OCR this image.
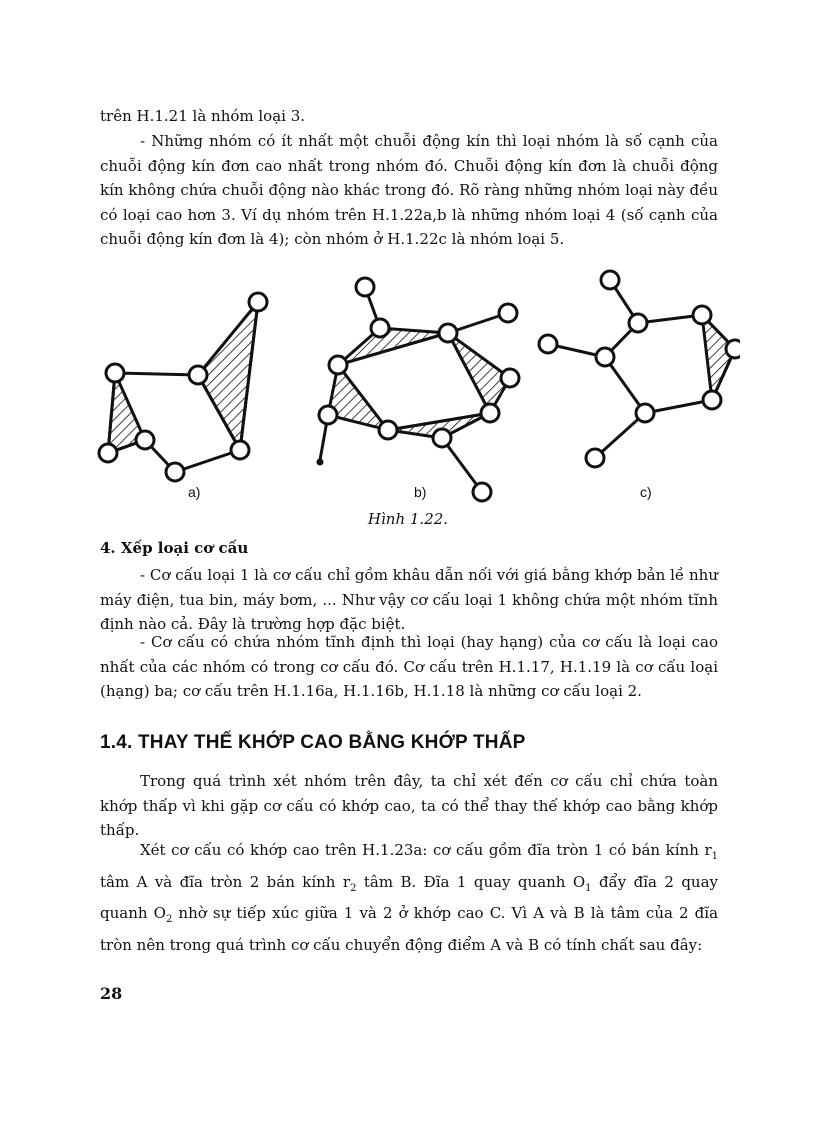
trên H.1.21 là nhóm loại 3.

- Những nhóm có ít nhất một chuỗi động kín thì loại nhóm là số cạnh của chuỗi động kín đơn cao nhất trong nhóm đó. Chuỗi động kín đơn là chuỗi động kín không chứa chuỗi động nào khác trong đó. Rõ ràng những nhóm loại này đều có loại cao hơn 3. Ví dụ nhóm trên H.1.22a,b là những nhóm loại 4 (số cạnh của chuỗi động kín đơn là 4); còn nhóm ở H.1.22c là nhóm loại 5.

a)	b)	c)
Hình 1.22.
4. Xếp loại cơ cấu

- Cơ cấu loại 1 là cơ cấu chỉ gồm khâu dẫn nối với giá bằng khớp bản lề như máy điện, tua bin, máy bơm, ... Như vậy cơ cấu loại 1 không chứa một nhóm tĩnh định nào cả. Đây là trường hợp đặc biệt.

- Cơ cấu có chứa nhóm tĩnh định thì loại (hay hạng) của cơ cấu là loại cao nhất của các nhóm có trong cơ cấu đó. Cơ cấu trên H.1.17, H.1.19 là cơ cấu loại (hạng) ba; cơ cấu trên H.1.16a, H.1.16b, H.1.18 là những cơ cấu loại 2.

1.4. THAY THẾ KHỚP CAO BẰNG KHỚP THẤP

Trong quá trình xét nhóm trên đây, ta chỉ xét đến cơ cấu chỉ chứa toàn khớp thấp vì khi gặp cơ cấu có khớp cao, ta có thể thay thế khớp cao bằng khớp thấp.

Xét cơ cấu có khớp cao trên H.1.23a: cơ cấu gồm đĩa tròn 1 có bán kính $r_1$ tâm A và đĩa tròn 2 bán kính $r_2$ tâm B. Đĩa 1 quay quanh $O_1$ đẩy đĩa 2 quay quanh $O_2$ nhờ sự tiếp xúc giữa 1 và 2 ở khớp cao C. Vì A và B là tâm của 2 đĩa tròn nên trong quá trình cơ cấu chuyển động điểm A và B có tính chất sau đây:

28
